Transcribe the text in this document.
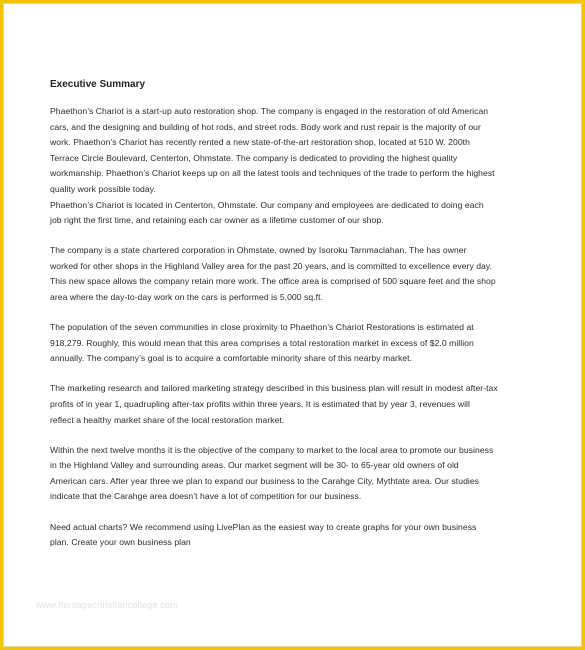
Executive Summary
Phaethon’s Chariot is a start-up auto restoration shop. The company is engaged in the restoration of old American
cars, and the designing and building of hot rods, and street rods. Body work and rust repair is the majority of our
work. Phaethon’s Chariot has recently rented a new state-of-the-art restoration shop, located at 510 W. 200th
Terrace Circle Boulevard, Centerton, Ohmstate. The company is dedicated to providing the highest quality
workmanship. Phaethon’s Chariot keeps up on all the latest tools and techniques of the trade to perform the highest
quality work possible today.
Phaethon’s Chariot is located in Centerton, Ohmstate. Our company and employees are dedicated to doing each
job right the first time, and retaining each car owner as a lifetime customer of our shop.
The company is a state chartered corporation in Ohmstate, owned by Isoroku Tarnmaclahan. The has owner
worked for other shops in the Highland Valley area for the past 20 years, and is committed to excellence every day.
This new space allows the company retain more work. The office area is comprised of 500 square feet and the shop
area where the day-to-day work on the cars is performed is 5,000 sq.ft.
The population of the seven communities in close proximity to Phaethon’s Chariot Restorations is estimated at
918,279. Roughly, this would mean that this area comprises a total restoration market in excess of $2.0 million
annually. The company’s goal is to acquire a comfortable minority share of this nearby market.
The marketing research and tailored marketing strategy described in this business plan will result in modest after-tax
profits of in year 1, quadrupling after-tax profits within three years. It is estimated that by year 3, revenues will
reflect a healthy market share of the local restoration market.
Within the next twelve months it is the objective of the company to market to the local area to promote our business
in the Highland Valley and surrounding areas. Our market segment will be 30- to 65-year old owners of old
American cars. After year three we plan to expand our business to the Carahge City, Mythtate area. Our studies
indicate that the Carahge area doesn’t have a lot of competition for our business.
Need actual charts? We recommend using LivePlan as the easiest way to create graphs for your own business
plan. Create your own business plan
www.heritagechristiancollege.com
